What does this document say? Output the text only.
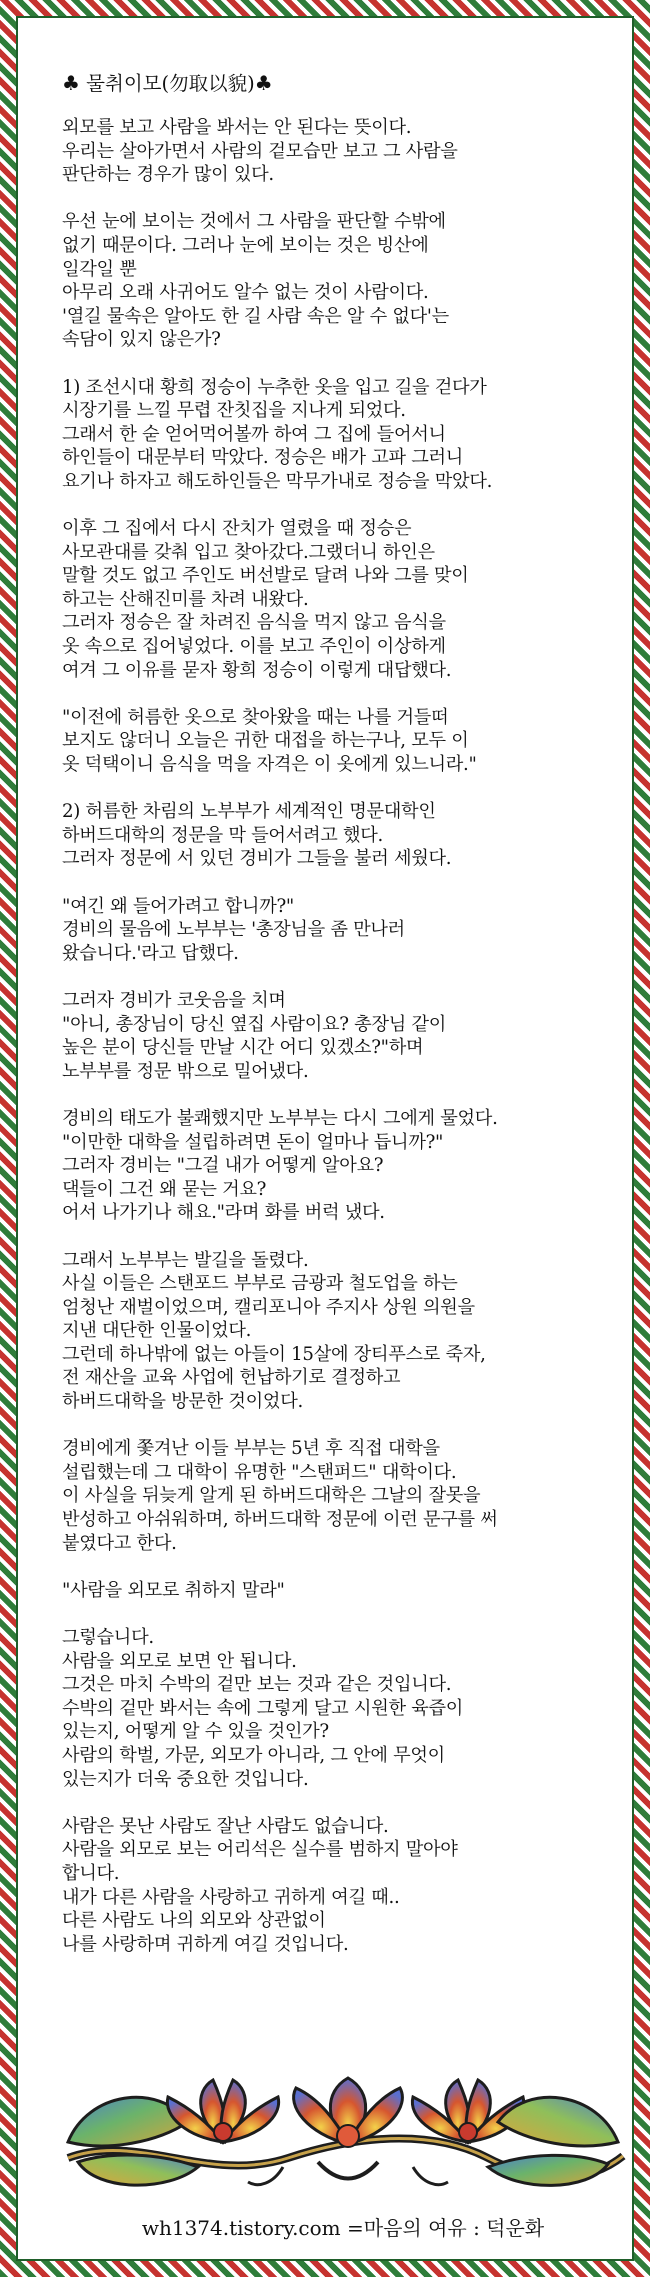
♣ 물취이모(勿取以貌)♣
외모를 보고 사람을 봐서는 안 된다는 뜻이다.
우리는 살아가면서 사람의 겉모습만 보고 그 사람을
판단하는 경우가 많이 있다.
우선 눈에 보이는 것에서 그 사람을 판단할 수밖에
없기 때문이다. 그러나 눈에 보이는 것은 빙산에
일각일 뿐
아무리 오래 사귀어도 알수 없는 것이 사람이다.
'열길 물속은 알아도 한 길 사람 속은 알 수 없다'는
속담이 있지 않은가?
1) 조선시대 황희 정승이 누추한 옷을 입고 길을 걷다가
시장기를 느낄 무렵 잔칫집을 지나게 되었다.
그래서 한 숟 얻어먹어볼까 하여 그 집에 들어서니
하인들이 대문부터 막았다. 정승은 배가 고파 그러니
요기나 하자고 해도하인들은 막무가내로 정승을 막았다.
이후 그 집에서 다시 잔치가 열렸을 때 정승은
사모관대를 갖춰 입고 찾아갔다.그랬더니 하인은
말할 것도 없고 주인도 버선발로 달려 나와 그를 맞이
하고는 산해진미를 차려 내왔다.
그러자 정승은 잘 차려진 음식을 먹지 않고 음식을
옷 속으로 집어넣었다. 이를 보고 주인이 이상하게
여겨 그 이유를 묻자 황희 정승이 이렇게 대답했다.
"이전에 허름한 옷으로 찾아왔을 때는 나를 거들떠
보지도 않더니 오늘은 귀한 대접을 하는구나, 모두 이
옷 덕택이니 음식을 먹을 자격은 이 옷에게 있느니라."
2) 허름한 차림의 노부부가 세계적인 명문대학인
하버드대학의 정문을 막 들어서려고 했다.
그러자 정문에 서 있던 경비가 그들을 불러 세웠다.
"여긴 왜 들어가려고 합니까?"
경비의 물음에 노부부는 '총장님을 좀 만나러
왔습니다.'라고 답했다.
그러자 경비가 코웃음을 치며
"아니, 총장님이 당신 옆집 사람이요? 총장님 같이
높은 분이 당신들 만날 시간 어디 있겠소?"하며
노부부를 정문 밖으로 밀어냈다.
경비의 태도가 불쾌했지만 노부부는 다시 그에게 물었다.
"이만한 대학을 설립하려면 돈이 얼마나 듭니까?"
그러자 경비는 "그걸 내가 어떻게 알아요?
댁들이 그건 왜 묻는 거요?
어서 나가기나 해요."라며 화를 버럭 냈다.
그래서 노부부는 발길을 돌렸다.
사실 이들은 스탠포드 부부로 금광과 철도업을 하는
엄청난 재벌이었으며, 캘리포니아 주지사 상원 의원을
지낸 대단한 인물이었다.
그런데 하나밖에 없는 아들이 15살에 장티푸스로 죽자,
전 재산을 교육 사업에 헌납하기로 결정하고
하버드대학을 방문한 것이었다.
경비에게 쫓겨난 이들 부부는 5년 후 직접 대학을
설립했는데 그 대학이 유명한 "스탠퍼드" 대학이다.
이 사실을 뒤늦게 알게 된 하버드대학은 그날의 잘못을
반성하고 아쉬워하며, 하버드대학 정문에 이런 문구를 써
붙였다고 한다.
"사람을 외모로 취하지 말라"
그렇습니다.
사람을 외모로 보면 안 됩니다.
그것은 마치 수박의 겉만 보는 것과 같은 것입니다.
수박의 겉만 봐서는 속에 그렇게 달고 시원한 육즙이
있는지, 어떻게 알 수 있을 것인가?
사람의 학벌, 가문, 외모가 아니라, 그 안에 무엇이
있는지가 더욱 중요한 것입니다.
사람은 못난 사람도 잘난 사람도 없습니다.
사람을 외모로 보는 어리석은 실수를 범하지 말아야
합니다.
내가 다른 사람을 사랑하고 귀하게 여길 때..
다른 사람도 나의 외모와 상관없이
나를 사랑하며 귀하게 여길 것입니다.
wh1374.tistory.com =마음의 여유 : 덕운화
